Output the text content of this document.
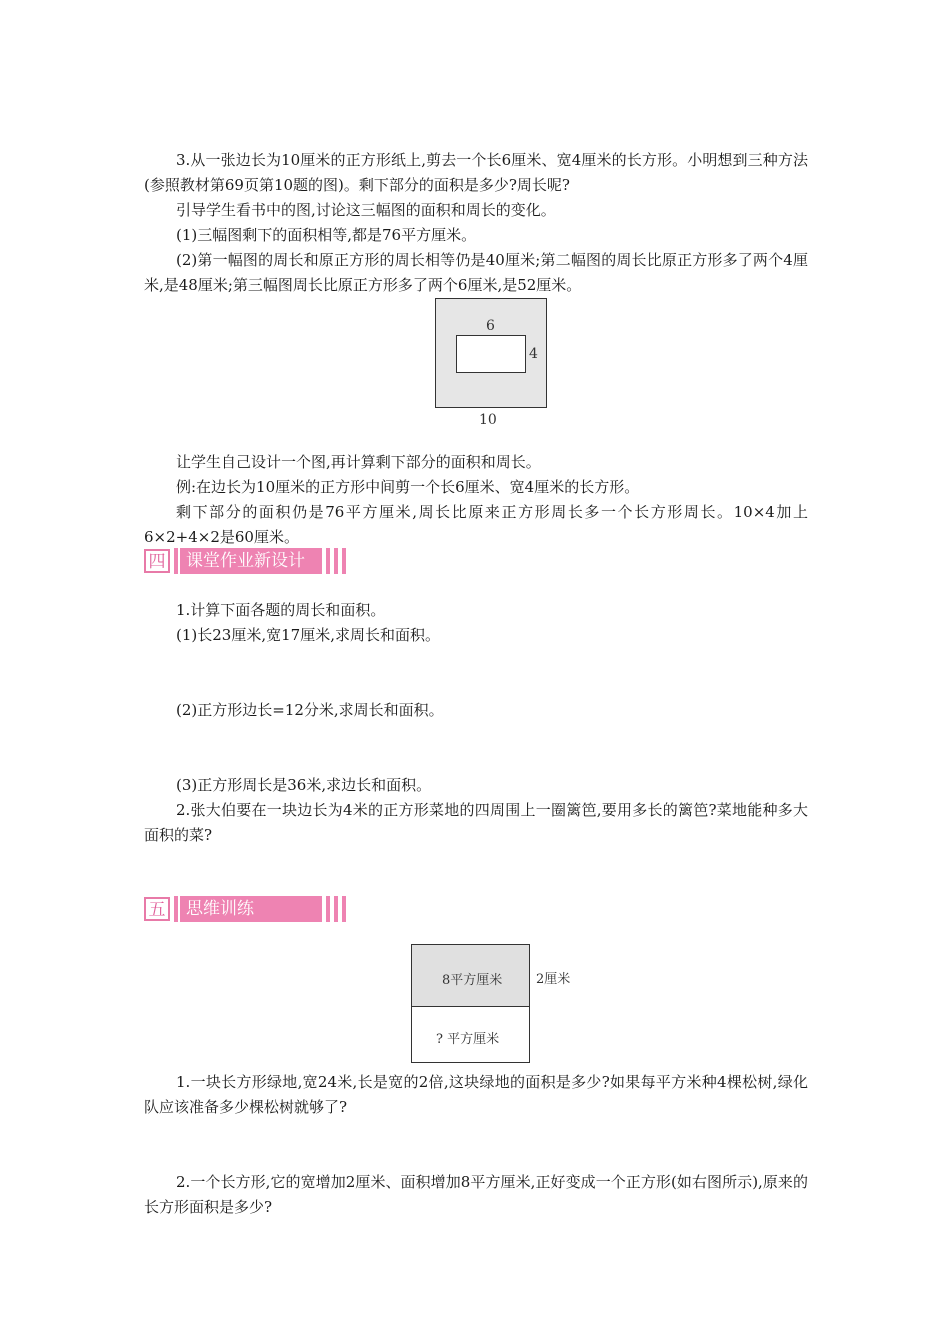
3.从一张边长为10厘米的正方形纸上,剪去一个长6厘米、宽4厘米的长方形。小明想到三种方法(参照教材第69页第10题的图)。剩下部分的面积是多少?周长呢?

引导学生看书中的图,讨论这三幅图的面积和周长的变化。

(1)三幅图剩下的面积相等,都是76平方厘米。

(2)第一幅图的周长和原正方形的周长相等仍是40厘米;第二幅图的周长比原正方形多了两个4厘米,是48厘米;第三幅图周长比原正方形多了两个6厘米,是52厘米。

6
4
10

让学生自己设计一个图,再计算剩下部分的面积和周长。

例:在边长为10厘米的正方形中间剪一个长6厘米、宽4厘米的长方形。

剩下部分的面积仍是76平方厘米,周长比原来正方形周长多一个长方形周长。10×4加上6×2+4×2是60厘米。

四	课堂作业新设计

1.计算下面各题的周长和面积。

(1)长23厘米,宽17厘米,求周长和面积。

(2)正方形边长=12分米,求周长和面积。

(3)正方形周长是36米,求边长和面积。

2.张大伯要在一块边长为4米的正方形菜地的四周围上一圈篱笆,要用多长的篱笆?菜地能种多大面积的菜?

五	思维训练
8平方厘米
? 平方厘米
2厘米

1.一块长方形绿地,宽24米,长是宽的2倍,这块绿地的面积是多少?如果每平方米种4棵松树,绿化队应该准备多少棵松树就够了?

2.一个长方形,它的宽增加2厘米、面积增加8平方厘米,正好变成一个正方形(如右图所示),原来的长方形面积是多少?
